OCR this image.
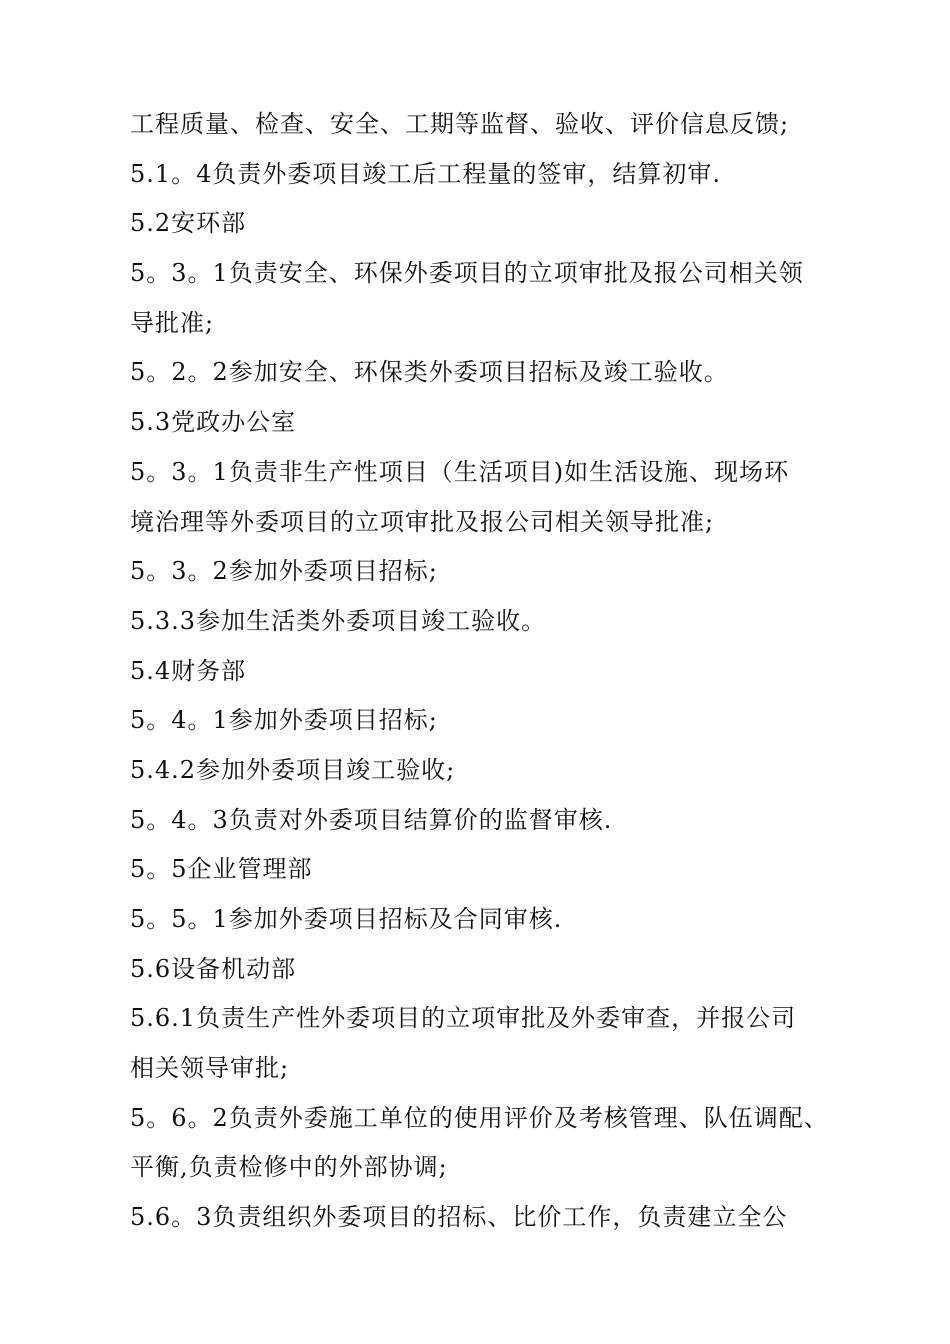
工程质量、检查、安全、工期等监督、验收、评价信息反馈;
5.1。4负责外委项目竣工后工程量的签审，结算初审.
5.2安环部
5。3。1负责安全、环保外委项目的立项审批及报公司相关领
导批准;
5。2。2参加安全、环保类外委项目招标及竣工验收。
5.3党政办公室
5。3。1负责非生产性项目（生活项目)如生活设施、现场环
境治理等外委项目的立项审批及报公司相关领导批准;
5。3。2参加外委项目招标;
5.3.3参加生活类外委项目竣工验收。
5.4财务部
5。4。1参加外委项目招标;
5.4.2参加外委项目竣工验收;
5。4。3负责对外委项目结算价的监督审核.
5。5企业管理部
5。5。1参加外委项目招标及合同审核.
5.6设备机动部
5.6.1负责生产性外委项目的立项审批及外委审查，并报公司
相关领导审批;
5。6。2负责外委施工单位的使用评价及考核管理、队伍调配、
平衡,负责检修中的外部协调;
5.6。3负责组织外委项目的招标、比价工作，负责建立全公
